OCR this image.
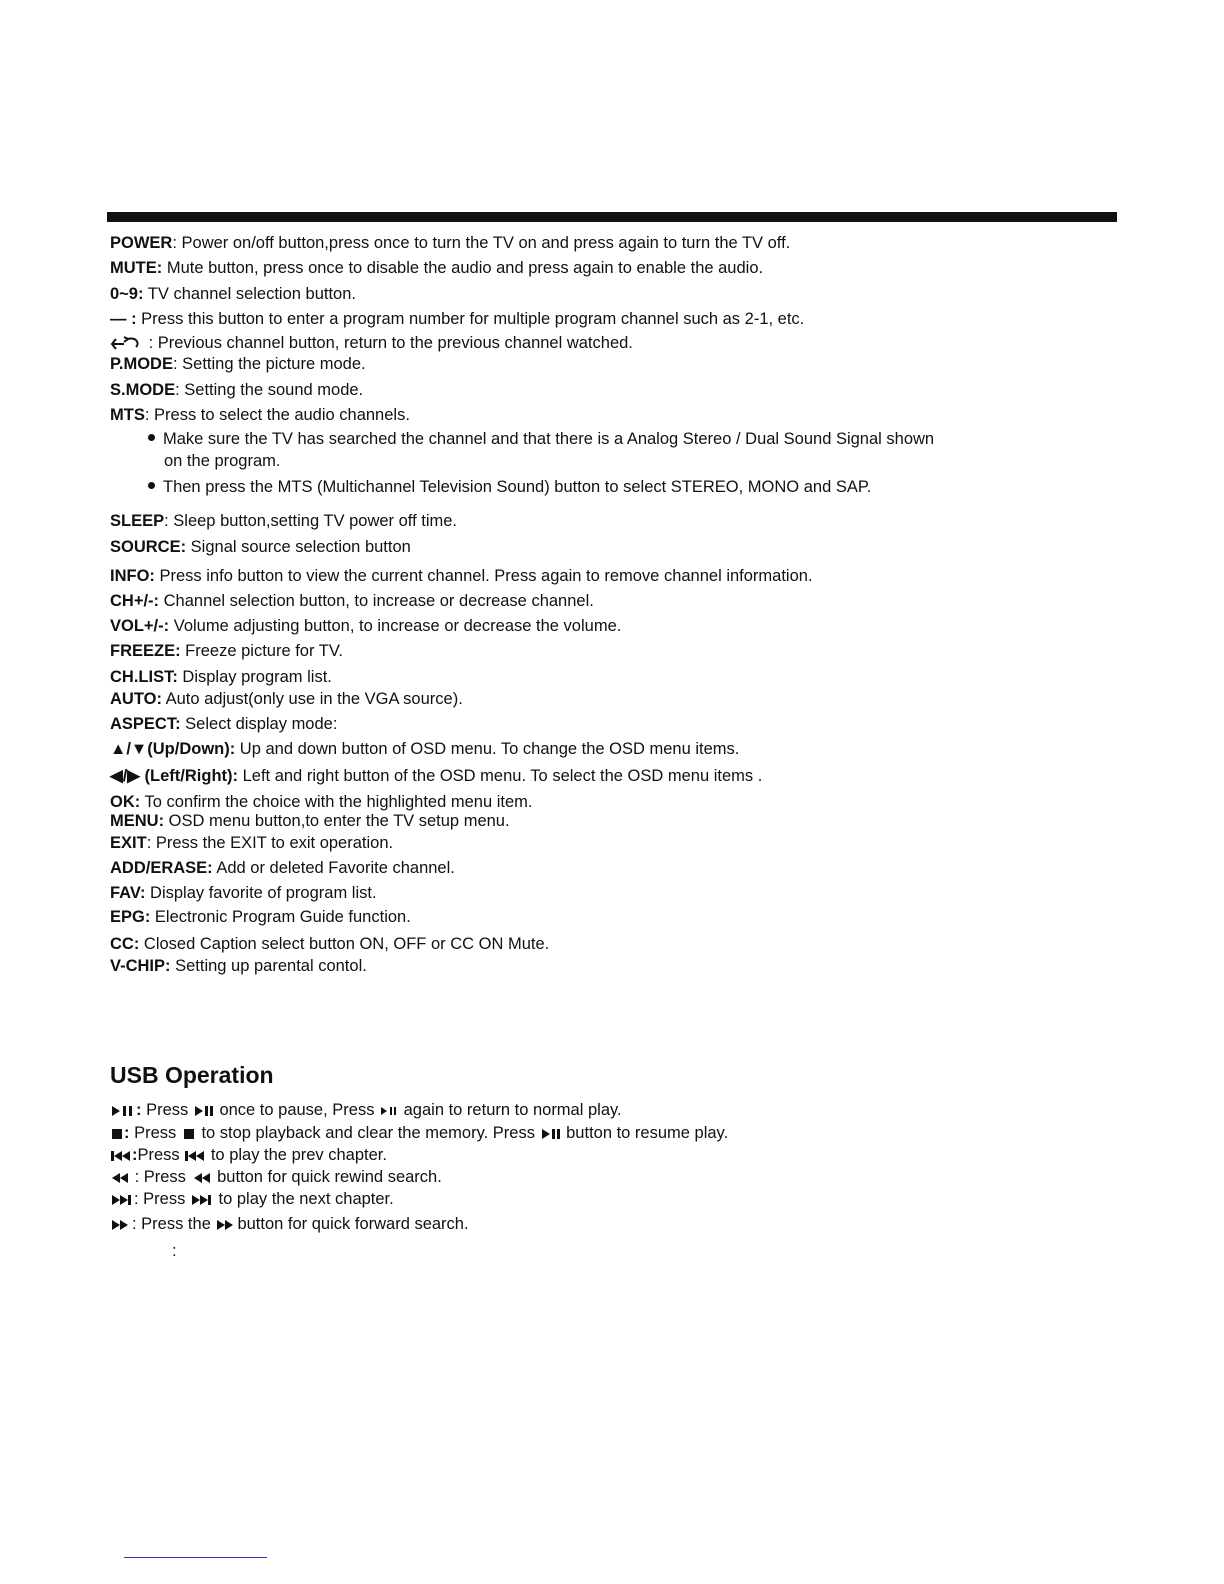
POWER: Power on/off button,press once to turn the TV on and press again to turn the TV off.
MUTE: Mute button, press once to disable the audio and press again to enable the audio.
0~9: TV channel selection button.
— : Press this button to enter a program number for multiple program channel such as 2-1, etc.
: Previous channel button, return to the previous channel watched.
P.MODE: Setting the picture mode.
S.MODE: Setting the sound mode.
MTS: Press to select the audio channels.
Make sure the TV has searched the channel and that there is a Analog Stereo / Dual Sound Signal shown
on the program.
Then press the MTS (Multichannel Television Sound) button to select STEREO, MONO and SAP.
SLEEP: Sleep button,setting TV power off time.
SOURCE: Signal source selection button
INFO: Press info button to view the current channel. Press again to remove channel information.
CH+/-: Channel selection button, to increase or decrease channel.
VOL+/-: Volume adjusting button, to increase or decrease the volume.
FREEZE: Freeze picture for TV.
CH.LIST: Display program list.
AUTO: Auto adjust(only use in the VGA source).
ASPECT: Select display mode:
▲/▼(Up/Down): Up and down button of OSD menu. To change the OSD menu items.
◀/▶ (Left/Right): Left and right button of the OSD menu. To select the OSD menu items .
OK: To confirm the choice with the highlighted menu item.
MENU: OSD menu button,to enter the TV setup menu.
EXIT: Press the EXIT to exit operation.
ADD/ERASE: Add or deleted Favorite channel.
FAV: Display favorite of program list.
EPG: Electronic Program Guide function.
CC: Closed Caption select button ON, OFF or CC ON Mute.
V-CHIP: Setting up parental contol.
USB Operation
: Press
once to pause, Press
again to return to normal play.
: Press
to stop playback and clear the memory. Press
button to resume play.
:Press
to play the prev chapter.
: Press
button for quick rewind search.
: Press
to play the next chapter.
: Press the
button for quick forward search.
:
